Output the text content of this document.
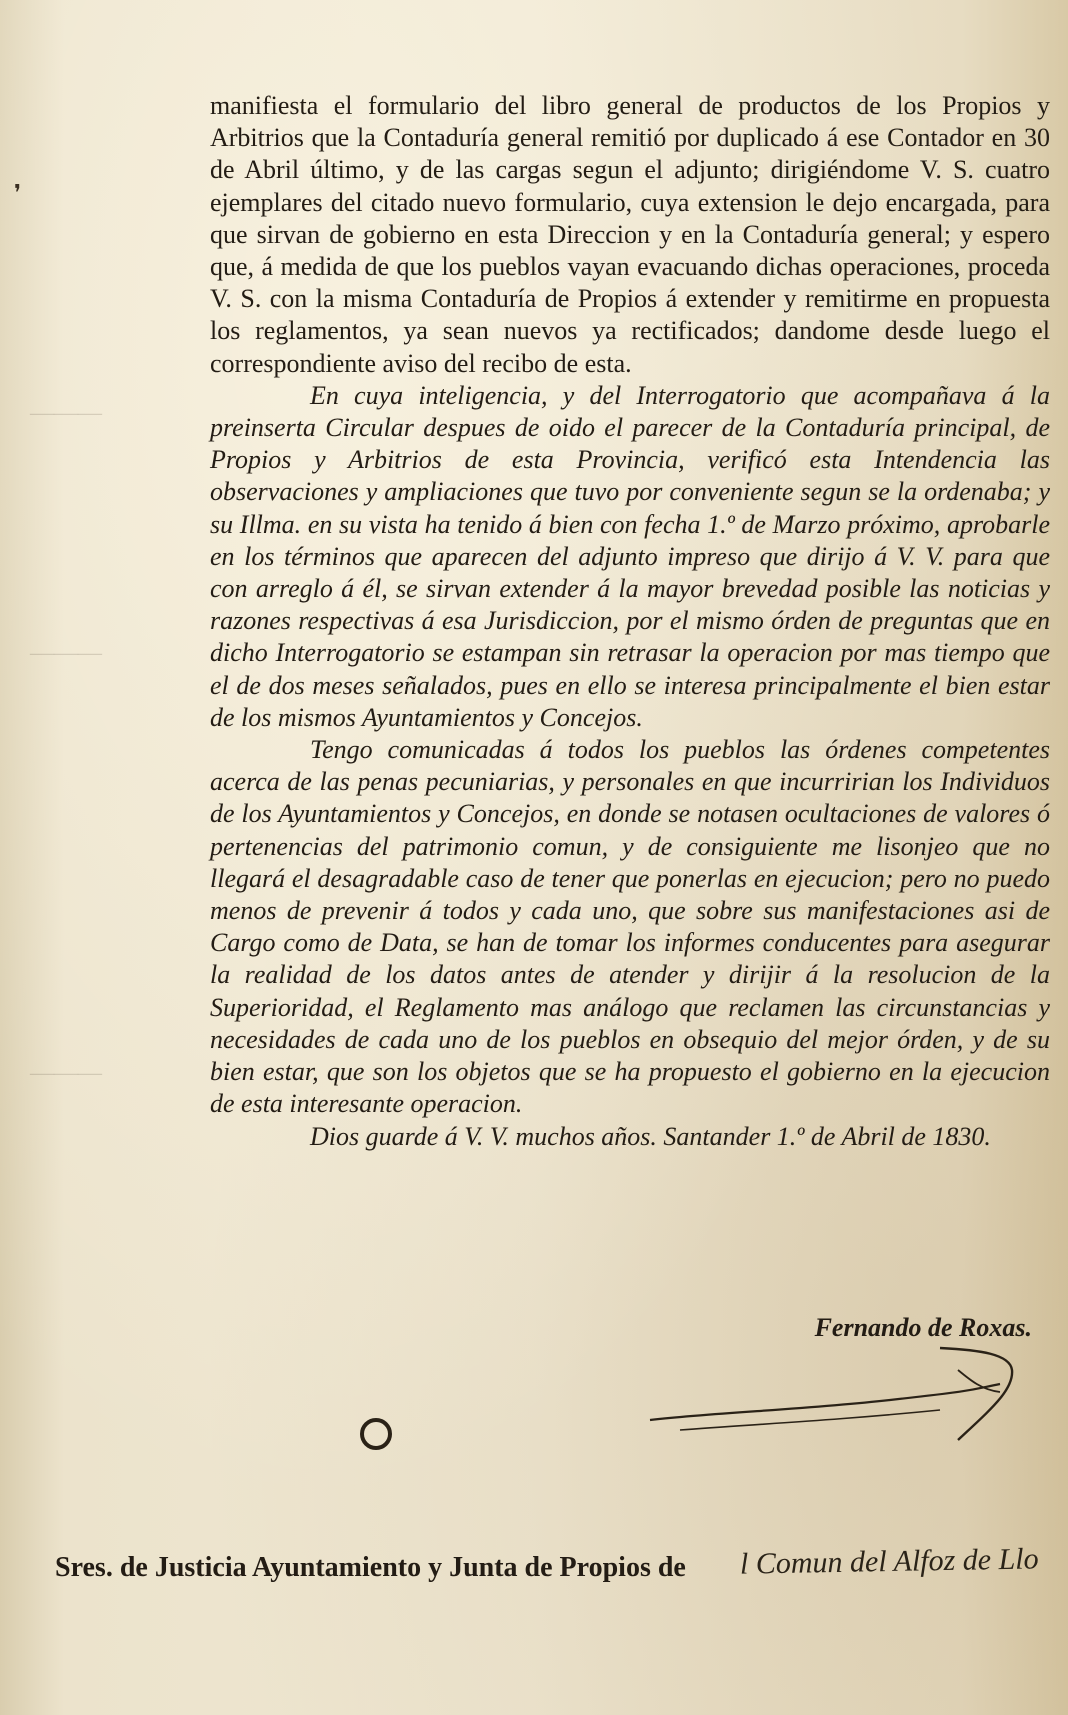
———
———
———
❜

manifiesta el formulario del libro general de productos de los Propios y Arbitrios que la Contaduría general remitió por duplicado á ese Contador en 30 de Abril último, y de las cargas segun el adjunto; dirigiéndome V. S. cuatro ejemplares del citado nuevo formulario, cuya extension le dejo encargada, para que sirvan de gobierno en esta Direccion y en la Contaduría general; y espero que, á medida de que los pueblos vayan evacuando dichas operaciones, proceda V. S. con la misma Contaduría de Propios á extender y remitirme en propuesta los reglamentos, ya sean nuevos ya rectificados; dandome desde luego el correspondiente aviso del recibo de esta.

En cuya inteligencia, y del Interrogatorio que acompañava á la preinserta Circular despues de oido el parecer de la Contaduría principal, de Propios y Arbitrios de esta Provincia, verificó esta Intendencia las observaciones y ampliaciones que tuvo por conveniente segun se la ordenaba; y su Illma. en su vista ha tenido á bien con fecha 1.º de Marzo próximo, aprobarle en los términos que aparecen del adjunto impreso que dirijo á V. V. para que con arreglo á él, se sirvan extender á la mayor brevedad posible las noticias y razones respectivas á esa Jurisdiccion, por el mismo órden de preguntas que en dicho Interrogatorio se estampan sin retrasar la operacion por mas tiempo que el de dos meses señalados, pues en ello se interesa principalmente el bien estar de los mismos Ayuntamientos y Concejos.

Tengo comunicadas á todos los pueblos las órdenes competentes acerca de las penas pecuniarias, y personales en que incurririan los Individuos de los Ayuntamientos y Concejos, en donde se notasen ocultaciones de valores ó pertenencias del patrimonio comun, y de consiguiente me lisonjeo que no llegará el desagradable caso de tener que ponerlas en ejecucion; pero no puedo menos de prevenir á todos y cada uno, que sobre sus manifestaciones asi de Cargo como de Data, se han de tomar los informes conducentes para asegurar la realidad de los datos antes de atender y dirijir á la resolucion de la Superioridad, el Reglamento mas análogo que reclamen las circunstancias y necesidades de cada uno de los pueblos en obsequio del mejor órden, y de su bien estar, que son los objetos que se ha propuesto el gobierno en la ejecucion de esta interesante operacion.

Dios guarde á V. V. muchos años. Santander 1.º de Abril de 1830.

Fernando de Roxas.
Sres. de Justicia Ayuntamiento y Junta de Propios de l Comun del Alfoz de Llo
